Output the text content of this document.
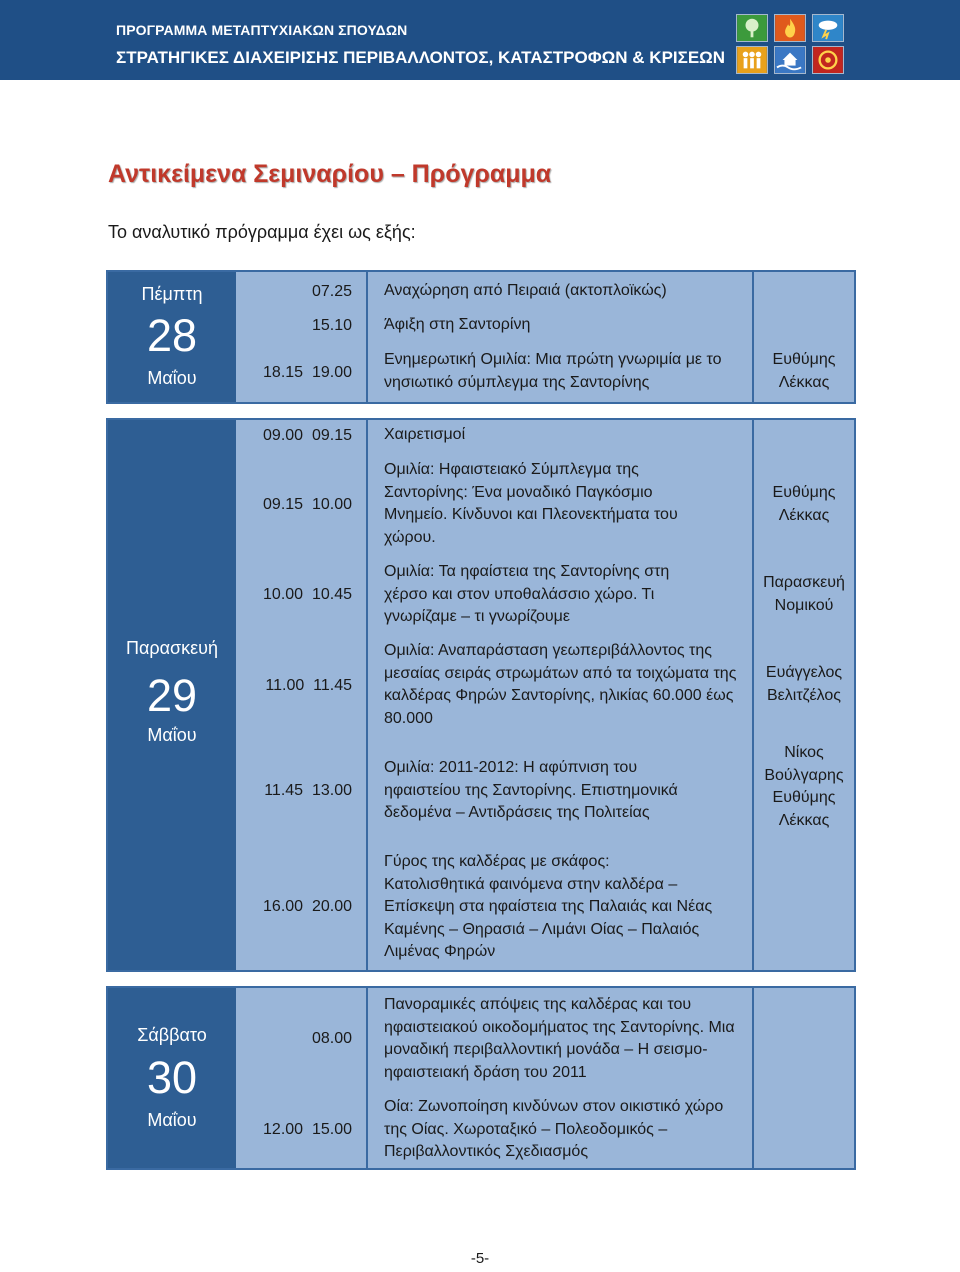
ΠΡΟΓΡΑΜΜΑ ΜΕΤΑΠΤΥΧΙΑΚΩΝ ΣΠΟΥΔΩΝ
ΣΤΡΑΤΗΓΙΚΕΣ ΔΙΑΧΕΙΡΙΣΗΣ ΠΕΡΙΒΑΛΛΟΝΤΟΣ, ΚΑΤΑΣΤΡΟΦΩΝ & ΚΡΙΣΕΩΝ
Αντικείμενα Σεμιναρίου – Πρόγραμμα
Το αναλυτικό πρόγραμμα έχει ως εξής:
Πέμπτη
28
Μαΐου
07.25 Αναχώρηση από Πειραιά (ακτοπλοϊκώς)
15.10 Άφιξη στη Σαντορίνη
18.15  19.00
Ενημερωτική Ομιλία: Μια πρώτη γνωριμία με το νησιωτικό σύμπλεγμα της Σαντορίνης
Ευθύμης Λέκκας
Παρασκευή
29
Μαΐου
09.00  09.15 Χαιρετισμοί
09.15  10.00
Ομιλία: Ηφαιστειακό Σύμπλεγμα της Σαντορίνης: Ένα μοναδικό Παγκόσμιο Μνημείο. Κίνδυνοι και Πλεονεκτήματα του χώρου.
Ευθύμης Λέκκας
10.00  10.45
Ομιλία: Τα ηφαίστεια της Σαντορίνης στη χέρσο και στον υποθαλάσσιο χώρο. Τι γνωρίζαμε – τι γνωρίζουμε
Παρασκευή Νομικού
11.00  11.45
Ομιλία: Αναπαράσταση γεωπεριβάλλοντος της μεσαίας σειράς στρωμάτων από τα τοιχώματα της καλδέρας Φηρών Σαντορίνης, ηλικίας 60.000 έως 80.000
Ευάγγελος Βελιτζέλος
11.45  13.00
Ομιλία: 2011-2012: Η αφύπνιση του ηφαιστείου της Σαντορίνης. Επιστημονικά δεδομένα – Αντιδράσεις της Πολιτείας
Νίκος Βούλγαρης Ευθύμης Λέκκας
16.00  20.00
Γύρος της καλδέρας με σκάφος: Κατολισθητικά φαινόμενα στην καλδέρα – Επίσκεψη στα ηφαίστεια της Παλαιάς και Νέας Καμένης – Θηρασιά – Λιμάνι Οίας – Παλαιός Λιμένας Φηρών
Σάββατο
30
Μαΐου
08.00
Πανοραμικές απόψεις της καλδέρας και του ηφαιστειακού οικοδομήματος της Σαντορίνης. Μια μοναδική περιβαλλοντική μονάδα – Η σεισμο-ηφαιστειακή δράση του 2011
12.00  15.00
Οία: Ζωνοποίηση κινδύνων στον οικιστικό χώρο της Οίας. Χωροταξικό – Πολεοδομικός – Περιβαλλοντικός Σχεδιασμός
-5-
